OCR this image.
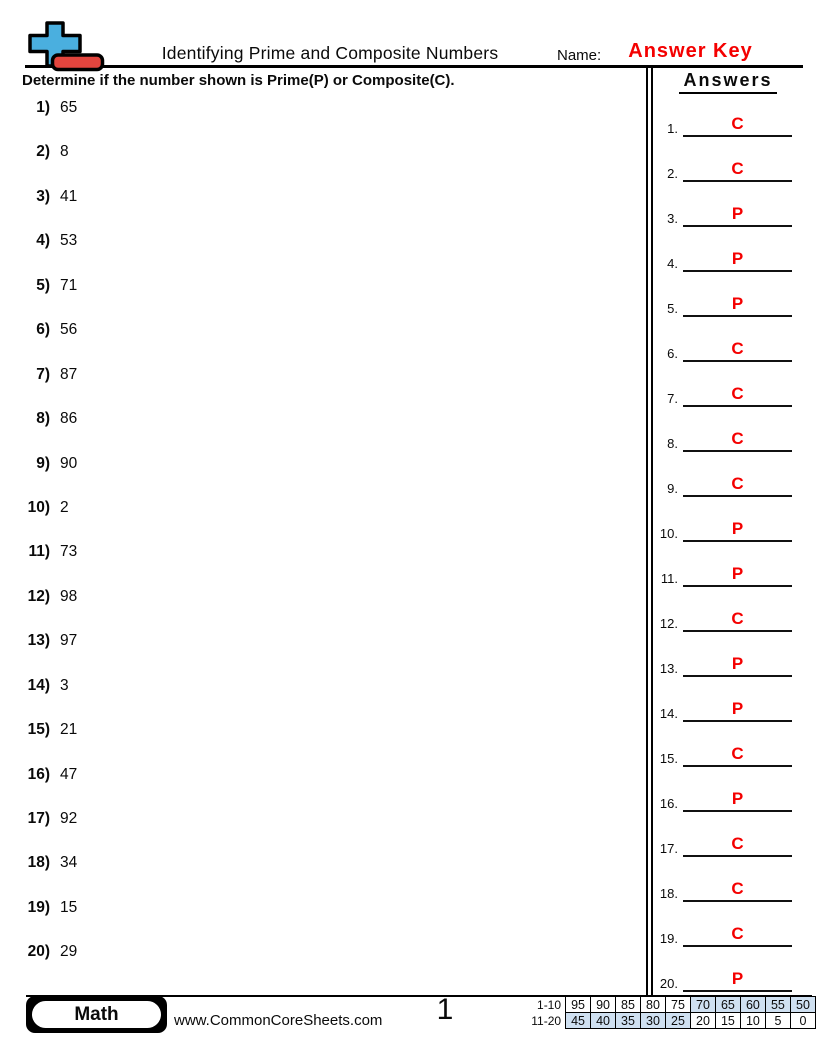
Identifying Prime and Composite Numbers	Name:	Answer Key
Determine if the number shown is Prime(P) or Composite(C).
1) 65
2) 8
3) 41
4) 53
5) 71
6) 56
7) 87
8) 86
9) 90
10) 2
11) 73
12) 98
13) 97
14) 3
15) 21
16) 47
17) 92
18) 34
19) 15
20) 29
Answers
1.	C
2.	C
3.	P
4.	P
5.	P
6.	C
7.	C
8.	C
9.	C
10.	P
11.	P
12.	C
13.	P
14.	P
15.	C
16.	P
17.	C
18.	C
19.	C
20.	P
Math	www.CommonCoreSheets.com	1	1-10	95	90	85	80	75	70	65	60	55	50
11-20	45	40	35	30	25	20	15	10	5	0
